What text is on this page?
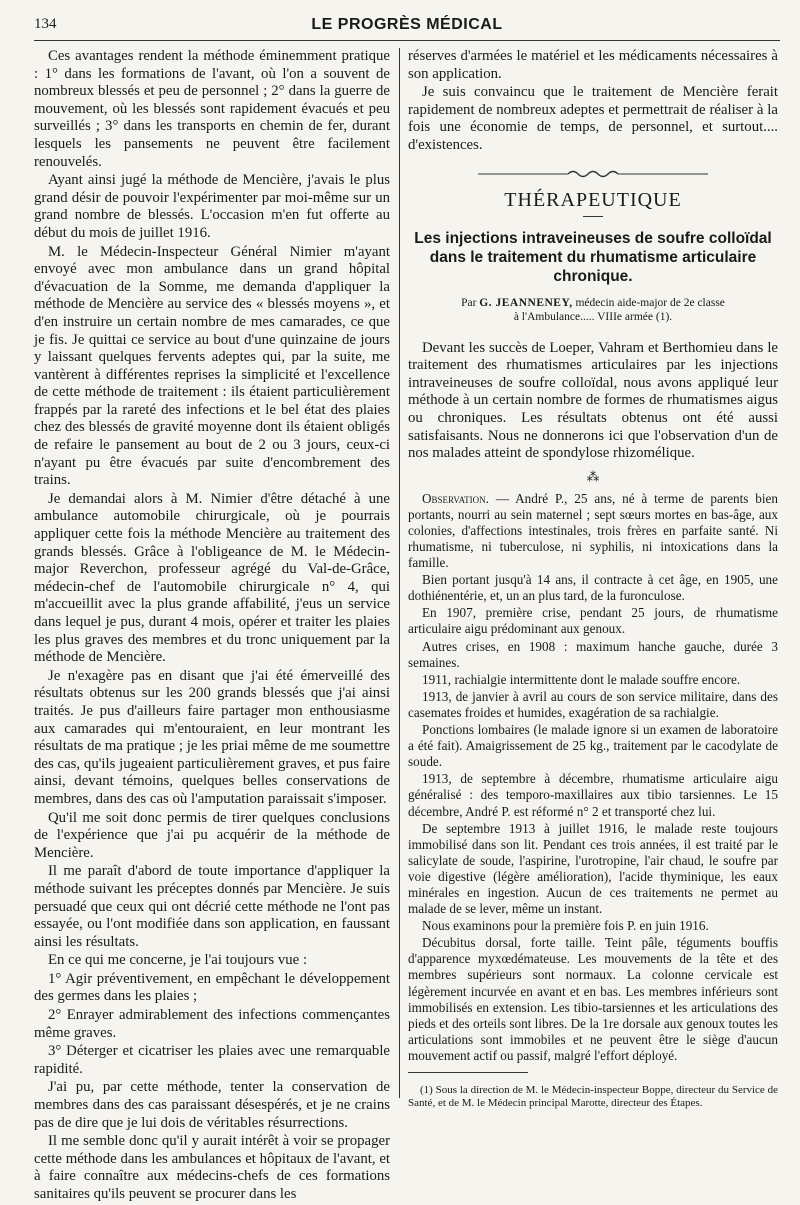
134	LE PROGRÈS MÉDICAL

Ces avantages rendent la méthode éminemment pratique : 1° dans les formations de l'avant, où l'on a souvent de nombreux blessés et peu de personnel ; 2° dans la guerre de mouvement, où les blessés sont rapidement évacués et peu surveillés ; 3° dans les transports en chemin de fer, durant lesquels les pansements ne peuvent être facilement renouvelés.

Ayant ainsi jugé la méthode de Mencière, j'avais le plus grand désir de pouvoir l'expérimenter par moi-même sur un grand nombre de blessés. L'occasion m'en fut offerte au début du mois de juillet 1916.

M. le Médecin-Inspecteur Général Nimier m'ayant envoyé avec mon ambulance dans un grand hôpital d'évacuation de la Somme, me demanda d'appliquer la méthode de Mencière au service des « blessés moyens », et d'en instruire un certain nombre de mes camarades, ce que je fis. Je quittai ce service au bout d'une quinzaine de jours y laissant quelques fervents adeptes qui, par la suite, me vantèrent à différentes reprises la simplicité et l'excellence de cette méthode de traitement : ils étaient particulièrement frappés par la rareté des infections et le bel état des plaies chez des blessés de gravité moyenne dont ils étaient obligés de refaire le pansement au bout de 2 ou 3 jours, ceux-ci n'ayant pu être évacués par suite d'encombrement des trains.

Je demandai alors à M. Nimier d'être détaché à une ambulance automobile chirurgicale, où je pourrais appliquer cette fois la méthode Mencière au traitement des grands blessés. Grâce à l'obligeance de M. le Médecin-major Reverchon, professeur agrégé du Val-de-Grâce, médecin-chef de l'automobile chirurgicale n° 4, qui m'accueillit avec la plus grande affabilité, j'eus un service dans lequel je pus, durant 4 mois, opérer et traiter les plaies les plus graves des membres et du tronc uniquement par la méthode de Mencière.

Je n'exagère pas en disant que j'ai été émerveillé des résultats obtenus sur les 200 grands blessés que j'ai ainsi traités. Je pus d'ailleurs faire partager mon enthousiasme aux camarades qui m'entouraient, en leur montrant les résultats de ma pratique ; je les priai même de me soumettre des cas, qu'ils jugeaient particulièrement graves, et pus faire ainsi, devant témoins, quelques belles conservations de membres, dans des cas où l'amputation paraissait s'imposer.

Qu'il me soit donc permis de tirer quelques conclusions de l'expérience que j'ai pu acquérir de la méthode de Mencière.

Il me paraît d'abord de toute importance d'appliquer la méthode suivant les préceptes donnés par Mencière. Je suis persuadé que ceux qui ont décrié cette méthode ne l'ont pas essayée, ou l'ont modifiée dans son application, en faussant ainsi les résultats.

En ce qui me concerne, je l'ai toujours vue :

1° Agir préventivement, en empêchant le développement des germes dans les plaies ;

2° Enrayer admirablement des infections commençantes même graves.

3° Déterger et cicatriser les plaies avec une remarquable rapidité.

J'ai pu, par cette méthode, tenter la conservation de membres dans des cas paraissant désespérés, et je ne crains pas de dire que je lui dois de véritables résurrections.

Il me semble donc qu'il y aurait intérêt à voir se propager cette méthode dans les ambulances et hôpitaux de l'avant, et à faire connaître aux médecins-chefs de ces formations sanitaires qu'ils peuvent se procurer dans les

réserves d'armées le matériel et les médicaments nécessaires à son application.

Je suis convaincu que le traitement de Mencière ferait rapidement de nombreux adeptes et permettrait de réaliser à la fois une économie de temps, de personnel, et surtout.... d'existences.

THÉRAPEUTIQUE
Les injections intraveineuses de soufre colloïdal dans le traitement du rhumatisme articulaire chronique.
Par G. JEANNENEY, médecin aide-major de 2e classe
à l'Ambulance..... VIIIe armée (1).

Devant les succès de Loeper, Vahram et Berthomieu dans le traitement des rhumatismes articulaires par les injections intraveineuses de soufre colloïdal, nous avons appliqué leur méthode à un certain nombre de formes de rhumatismes aigus ou chroniques. Les résultats obtenus ont été aussi satisfaisants. Nous ne donnerons ici que l'observation d'un de nos malades atteint de spondylose rhizomélique.

⁂

Observation. — André P., 25 ans, né à terme de parents bien portants, nourri au sein maternel ; sept sœurs mortes en bas-âge, aux colonies, d'affections intestinales, trois frères en parfaite santé. Ni rhumatisme, ni tuberculose, ni syphilis, ni intoxications dans la famille.

Bien portant jusqu'à 14 ans, il contracte à cet âge, en 1905, une dothiénentérie, et, un an plus tard, de la furonculose.

En 1907, première crise, pendant 25 jours, de rhumatisme articulaire aigu prédominant aux genoux.

Autres crises, en 1908 : maximum hanche gauche, durée 3 semaines.

1911, rachialgie intermittente dont le malade souffre encore.

1913, de janvier à avril au cours de son service militaire, dans des casemates froides et humides, exagération de sa rachialgie.

Ponctions lombaires (le malade ignore si un examen de laboratoire a été fait). Amaigrissement de 25 kg., traitement par le cacodylate de soude.

1913, de septembre à décembre, rhumatisme articulaire aigu généralisé : des temporo-maxillaires aux tibio tarsiennes. Le 15 décembre, André P. est réformé n° 2 et transporté chez lui.

De septembre 1913 à juillet 1916, le malade reste toujours immobilisé dans son lit. Pendant ces trois années, il est traité par le salicylate de soude, l'aspirine, l'urotropine, l'air chaud, le soufre par voie digestive (légère amélioration), l'acide thyminique, les eaux minérales en ingestion. Aucun de ces traitements ne permet au malade de se lever, même un instant.

Nous examinons pour la première fois P. en juin 1916.

Décubitus dorsal, forte taille. Teint pâle, téguments bouffis d'apparence myxœdémateuse. Les mouvements de la tête et des membres supérieurs sont normaux. La colonne cervicale est légèrement incurvée en avant et en bas. Les membres inférieurs sont immobilisés en extension. Les tibio-tarsiennes et les articulations des pieds et des orteils sont libres. De la 1re dorsale aux genoux toutes les articulations sont immobiles et ne peuvent être le siège d'aucun mouvement actif ou passif, malgré l'effort déployé.

(1) Sous la direction de M. le Médecin-inspecteur Boppe, directeur du Service de Santé, et de M. le Médecin principal Marotte, directeur des Étapes.
